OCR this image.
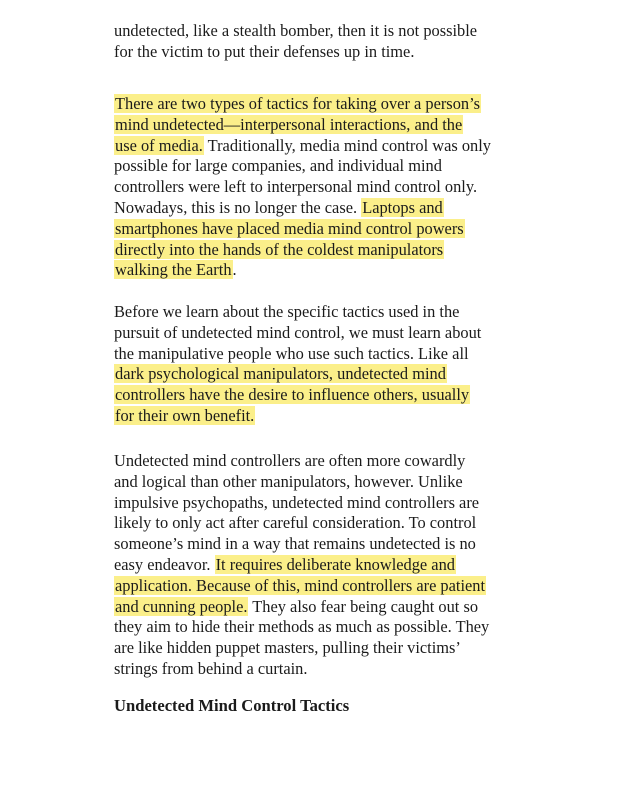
undetected, like a stealth bomber, then it is not possible
for the victim to put their defenses up in time.
There are two types of tactics for taking over a person’s
mind undetected—interpersonal interactions, and the
use of media. Traditionally, media mind control was only
possible for large companies, and individual mind
controllers were left to interpersonal mind control only.
Nowadays, this is no longer the case. Laptops and
smartphones have placed media mind control powers
directly into the hands of the coldest manipulators
walking the Earth.
Before we learn about the specific tactics used in the
pursuit of undetected mind control, we must learn about
the manipulative people who use such tactics. Like all
dark psychological manipulators, undetected mind
controllers have the desire to influence others, usually
for their own benefit.
Undetected mind controllers are often more cowardly
and logical than other manipulators, however. Unlike
impulsive psychopaths, undetected mind controllers are
likely to only act after careful consideration. To control
someone’s mind in a way that remains undetected is no
easy endeavor. It requires deliberate knowledge and
application. Because of this, mind controllers are patient
and cunning people. They also fear being caught out so
they aim to hide their methods as much as possible. They
are like hidden puppet masters, pulling their victims’
strings from behind a curtain.
Undetected Mind Control Tactics
